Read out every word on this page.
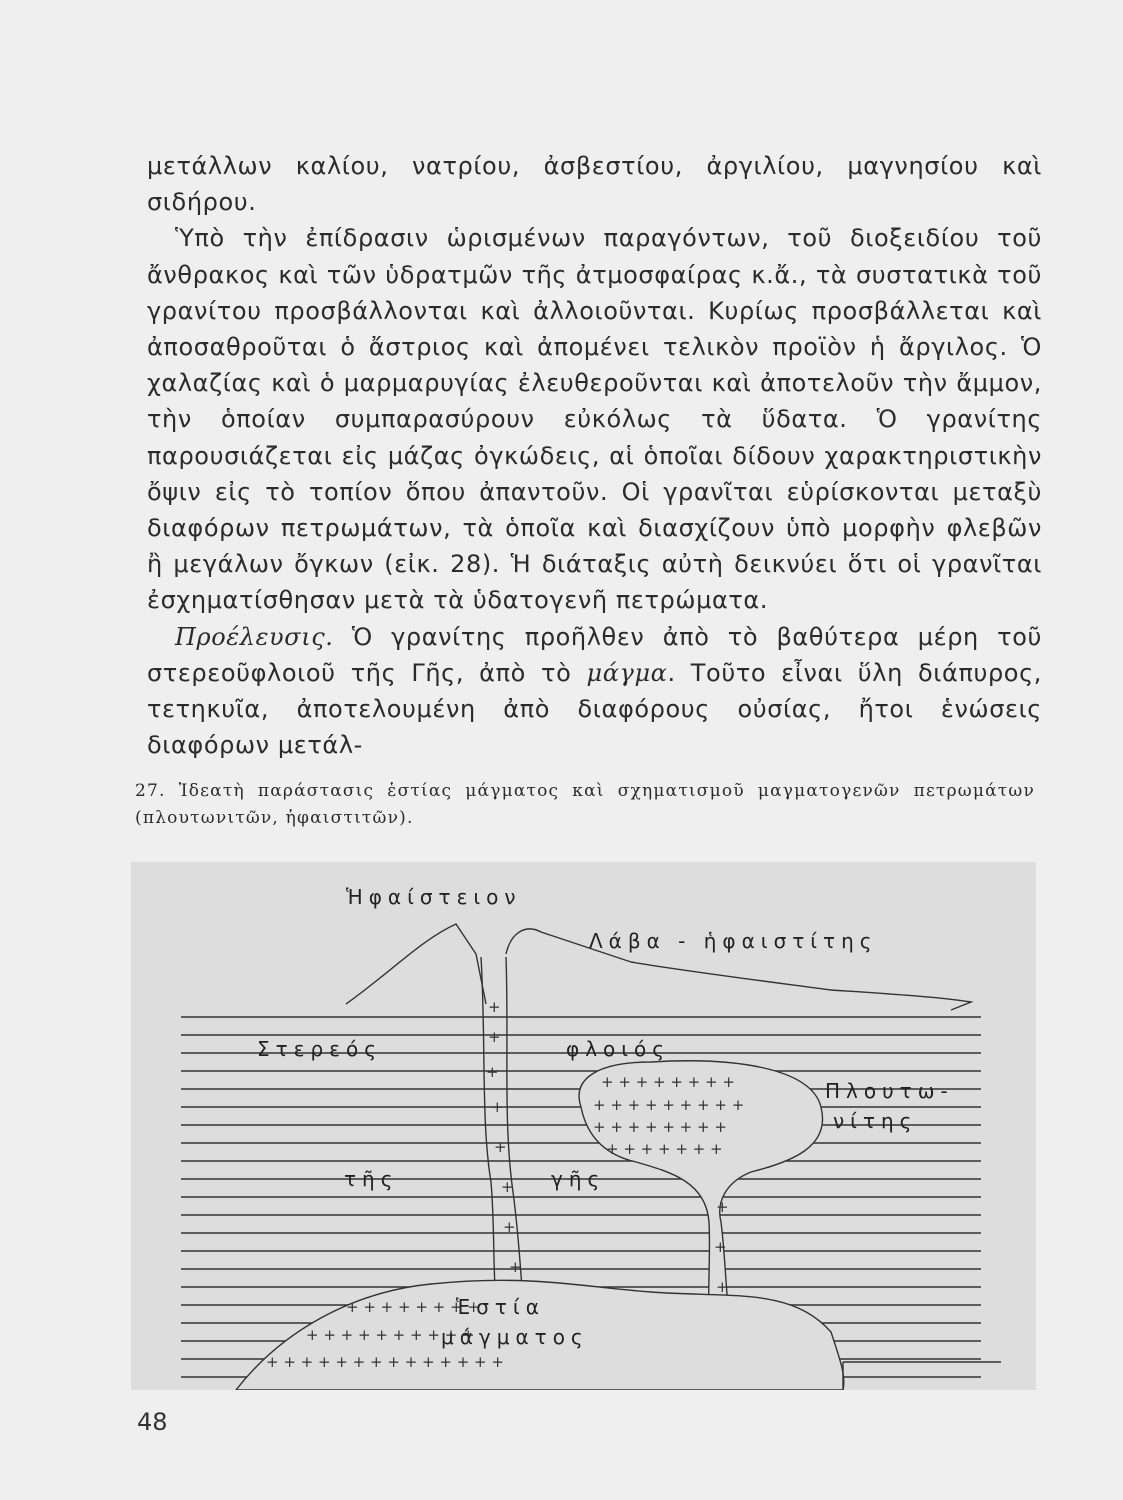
μετάλλων καλίου, νατρίου, ἀσβεστίου, ἀργιλίου, μαγνησίου καὶ σιδήρου.

Ὑπὸ τὴν ἐπίδρασιν ὡρισμένων παραγόντων, τοῦ διοξειδίου τοῦ ἄνθρακος καὶ τῶν ὑδρατμῶν τῆς ἀτμοσφαίρας κ.ἄ., τὰ συστατικὰ τοῦ γρανίτου προσβάλλονται καὶ ἀλλοιοῦνται. Κυρίως προσβάλλεται καὶ ἀποσαθροῦται ὁ ἄστριος καὶ ἀπομένει τελικὸν προϊὸν ἡ ἄργιλος. Ὁ χαλαζίας καὶ ὁ μαρμαρυγίας ἐλευθεροῦνται καὶ ἀποτελοῦν τὴν ἄμμον, τὴν ὁποίαν συμπαρασύρουν εὐκόλως τὰ ὕδατα. Ὁ γρανίτης παρουσιάζεται εἰς μάζας ὀγκώδεις, αἱ ὁποῖαι δίδουν χαρακτηριστικὴν ὄψιν εἰς τὸ τοπίον ὅπου ἀπαντοῦν. Οἱ γρανῖται εὑρίσκονται μεταξὺ διαφόρων πετρωμάτων, τὰ ὁποῖα καὶ διασχίζουν ὑπὸ μορφὴν φλεβῶν ἢ μεγάλων ὄγκων (εἰκ. 28). Ἡ διάταξις αὐτὴ δεικνύει ὅτι οἱ γρανῖται ἐσχηματίσθησαν μετὰ τὰ ὑδατογενῆ πετρώματα.

Προέλευσις. Ὁ γρανίτης προῆλθεν ἀπὸ τὸ βαθύτερα μέρη τοῦ στερεοῦφλοιοῦ τῆς Γῆς, ἀπὸ τὸ μάγμα. Τοῦτο εἶναι ὕλη διάπυρος, τετηκυῖα, ἀποτελουμένη ἀπὸ διαφόρους οὐσίας, ἤτοι ἑνώσεις διαφόρων μετάλ-

27. Ἰδεατὴ παράστασις ἑστίας μάγματος καὶ σχηματισμοῦ μαγματογενῶν πετρωμάτων (πλουτωνιτῶν, ἡφαιστιτῶν).
+ + + + + + + + + + + + + +
+ + + + + + + + + +
+ + + + + + + +
+ + + + + + + +
+ + + + + + + + +
+ + + + + + + +
+ + + + + + +
+
+
+
+
+
+
+
+
+
+
+
Ἡφαίστειον
Λάβα - ἡφαιστίτης
Στερεός	φλοιός
Πλουτω-
νίτης
τῆς	γῆς
Ἑστία
μάγματος
48
